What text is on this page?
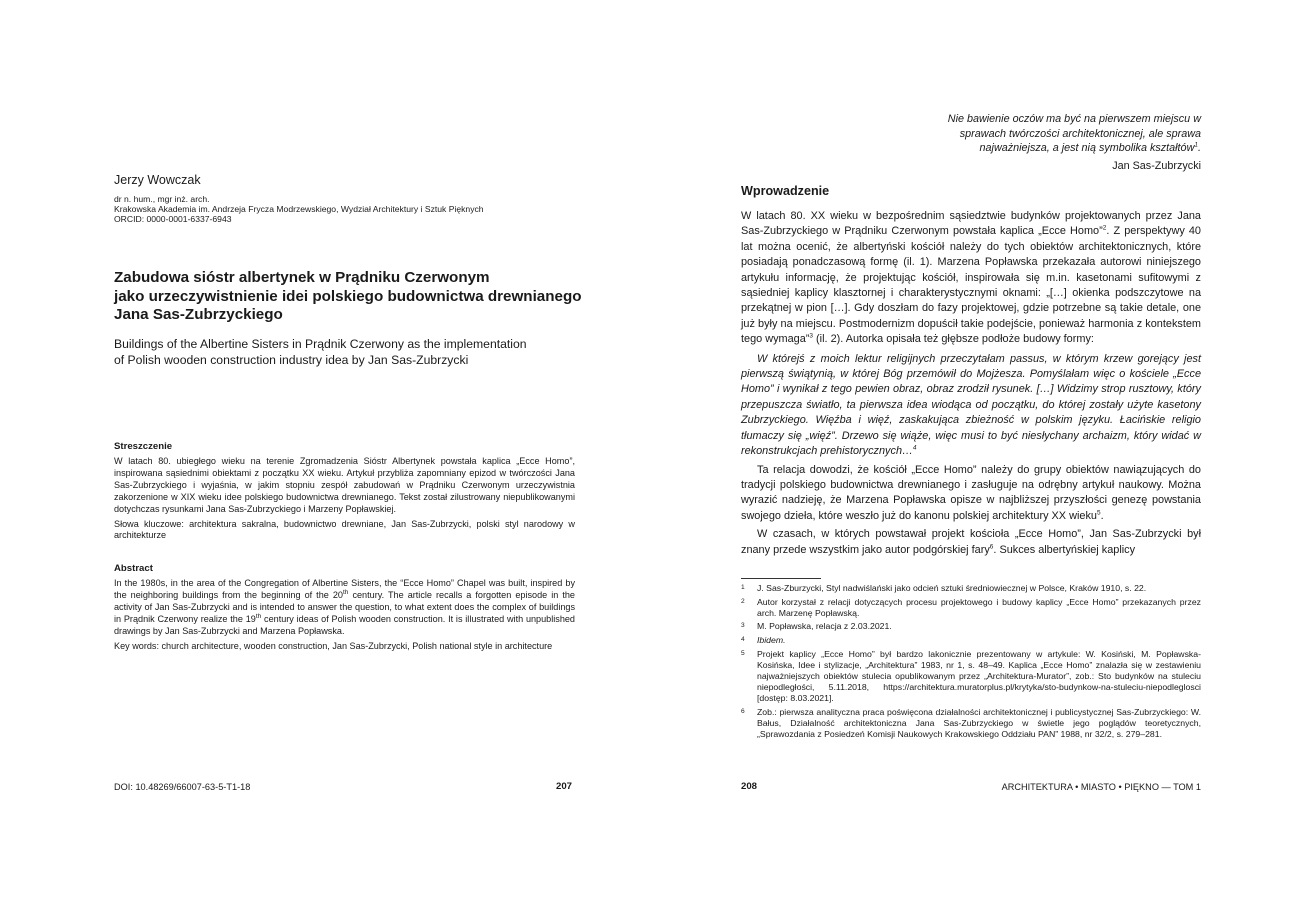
Jerzy Wowczak
dr n. hum., mgr inż. arch.
Krakowska Akademia im. Andrzeja Frycza Modrzewskiego, Wydział Architektury i Sztuk Pięknych
ORCID: 0000-0001-6337-6943
Zabudowa sióstr albertynek w Prądniku Czerwonym
jako urzeczywistnienie idei polskiego budownictwa drewnianego
Jana Sas-Zubrzyckiego
Buildings of the Albertine Sisters in Prądnik Czerwony as the implementation
of Polish wooden construction industry idea by Jan Sas-Zubrzycki
Streszczenie

W latach 80. ubiegłego wieku na terenie Zgromadzenia Sióstr Albertynek powstała kaplica „Ecce Homo”, inspirowana sąsiednimi obiektami z początku XX wieku. Artykuł przybliża zapomniany epizod w twórczości Jana Sas-Zubrzyckiego i wyjaśnia, w jakim stopniu zespół zabudowań w Prądniku Czerwonym urzeczywistnia zakorzenione w XIX wieku idee polskiego budownictwa drewnianego. Tekst został zilustrowany niepublikowanymi dotychczas rysunkami Jana Sas-Zubrzyckiego i Marzeny Popławskiej.

Słowa kluczowe: architektura sakralna, budownictwo drewniane, Jan Sas-Zubrzycki, polski styl narodowy w architekturze

Abstract

In the 1980s, in the area of the Congregation of Albertine Sisters, the “Ecce Homo” Chapel was built, inspired by the neighboring buildings from the beginning of the 20th century. The article recalls a forgotten episode in the activity of Jan Sas-Zubrzycki and is intended to answer the question, to what extent does the complex of buildings in Prądnik Czerwony realize the 19th century ideas of Polish wooden construction. It is illustrated with unpublished drawings by Jan Sas-Zubrzycki and Marzena Popławska.

Key words: church architecture, wooden construction, Jan Sas-Zubrzycki, Polish national style in architecture

DOI: 10.48269/66007-63-5-T1-18	207
Nie bawienie oczów ma być na pierwszem miejscu w sprawach twórczości architektonicznej, ale sprawa najważniejsza, a jest nią symbolika kształtów$^1$.
Jan Sas-Zubrzycki
Wprowadzenie

W latach 80. XX wieku w bezpośrednim sąsiedztwie budynków projektowanych przez Jana Sas-Zubrzyckiego w Prądniku Czerwonym powstała kaplica „Ecce Homo”$^2$. Z perspektywy 40 lat można ocenić, że albertyński kościół należy do tych obiektów architektonicznych, które posiadają ponadczasową formę (il. 1). Marzena Popławska przekazała autorowi niniejszego artykułu informację, że projektując kościół, inspirowała się m.in. kasetonami sufitowymi z sąsiedniej kaplicy klasztornej i charakterystycznymi oknami: „[…] okienka podszczytowe na przekątnej w pion […]. Gdy doszłam do fazy projektowej, gdzie potrzebne są takie detale, one już były na miejscu. Postmodernizm dopuścił takie podejście, ponieważ harmonia z kontekstem tego wymaga”$^3$ (il. 2). Autorka opisała też głębsze podłoże budowy formy:

W którejś z moich lektur religijnych przeczytałam passus, w którym krzew gorejący jest pierwszą świątynią, w której Bóg przemówił do Mojżesza. Pomyślałam więc o kościele „Ecce Homo” i wynikał z tego pewien obraz, obraz zrodził rysunek. […] Widzimy strop rusztowy, który przepuszcza światło, ta pierwsza idea wiodąca od początku, do której zostały użyte kasetony Zubrzyckiego. Więźba i więź, zaskakująca zbieżność w polskim języku. Łacińskie religio tłumaczy się „więź”. Drzewo się wiąże, więc musi to być niesłychany archaizm, który widać w rekonstrukcjach prehistorycznych…$^4$

Ta relacja dowodzi, że kościół „Ecce Homo” należy do grupy obiektów nawiązujących do tradycji polskiego budownictwa drewnianego i zasługuje na odrębny artykuł naukowy. Można wyrazić nadzieję, że Marzena Popławska opisze w najbliższej przyszłości genezę powstania swojego dzieła, które weszło już do kanonu polskiej architektury XX wieku$^5$.

W czasach, w których powstawał projekt kościoła „Ecce Homo”, Jan Sas-Zubrzycki był znany przede wszystkim jako autor podgórskiej fary$^6$. Sukces albertyńskiej kaplicy

1 J. Sas-Zburzycki, Styl nadwiślański jako odcień sztuki średniowiecznej w Polsce, Kraków 1910, s. 22.
2 Autor korzystał z relacji dotyczących procesu projektowego i budowy kaplicy „Ecce Homo” przekazanych przez arch. Marzenę Popławską.
3 M. Popławska, relacja z 2.03.2021.
4 Ibidem.
5 Projekt kaplicy „Ecce Homo” był bardzo lakonicznie prezentowany w artykule: W. Kosiński, M. Popławska-Kosińska, Idee i stylizacje, „Architektura” 1983, nr 1, s. 48–49. Kaplica „Ecce Homo” znalazła się w zestawieniu najważniejszych obiektów stulecia opublikowanym przez „Architektura-Murator”, zob.: Sto budynków na stuleciu niepodległości, 5.11.2018, https://architektura.muratorplus.pl/krytyka/sto-budynkow-na-stuleciu-niepodleglosci [dostęp: 8.03.2021].
6 Zob.: pierwsza analityczna praca poświęcona działalności architektonicznej i publicystycznej Sas-Zubrzyckiego: W. Bałus, Działalność architektoniczna Jana Sas-Zubrzyckiego w świetle jego poglądów teoretycznych, „Sprawozdania z Posiedzeń Komisji Naukowych Krakowskiego Oddziału PAN” 1988, nr 32/2, s. 279–281.
208	ARCHITEKTURA • MIASTO • PIĘKNO — TOM 1
